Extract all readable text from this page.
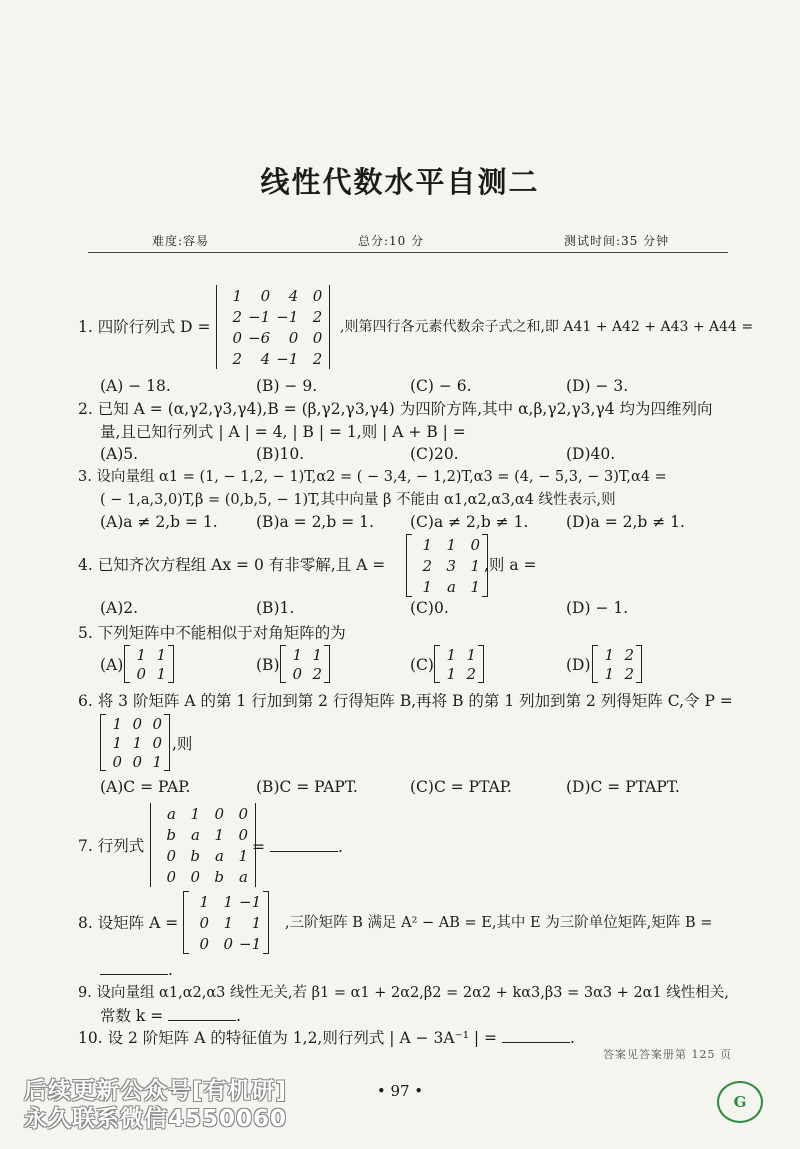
线性代数水平自测二
难度:容易	总分:10 分	测试时间:35 分钟
1. 四阶行列式 D =
1	0	4	0
2	−1	−1	2
0	−6	0	0
2	4	−1	2
,则第四行各元素代数余子式之和,即 A41 + A42 + A43 + A44 =
(A) − 18.	(B) − 9.	(C) − 6.	(D) − 3.
2. 已知 A = (α,γ2,γ3,γ4),B = (β,γ2,γ3,γ4) 为四阶方阵,其中 α,β,γ2,γ3,γ4 均为四维列向
量,且已知行列式 | A | = 4, | B | = 1,则 | A + B | =
(A)5.	(B)10.	(C)20.	(D)40.
3. 设向量组 α1 = (1, − 1,2, − 1)T,α2 = ( − 3,4, − 1,2)T,α3 = (4, − 5,3, − 3)T,α4 =
( − 1,a,3,0)T,β = (0,b,5, − 1)T,其中向量 β 不能由 α1,α2,α3,α4 线性表示,则
(A)a ≠ 2,b = 1. (B)a = 2,b = 1. (C)a ≠ 2,b ≠ 1. (D)a = 2,b ≠ 1.
4. 已知齐次方程组 Ax = 0 有非零解,且 A =
1	1	0
2	3	1
1	a	1
,则 a =
(A)2.	(B)1.	(C)0.	(D) − 1.
5. 下列矩阵中不能相似于对角矩阵的为
(A)
1	1
0	1	(B)
1	1
0	2	(C)
1	1
1	2	(D)
1	2
1	2
6. 将 3 阶矩阵 A 的第 1 行加到第 2 行得矩阵 B,再将 B 的第 1 列加到第 2 列得矩阵 C,令 P =
1	0	0
1	1	0
0	0	1
,则
(A)C = PAP.	(B)C = PAPT.	(C)C = PTAP.	(D)C = PTAPT.
7. 行列式
a	1	0	0
b	a	1	0
0	b	a	1
0	0	b	a
=	.
8. 设矩阵 A =
1	1	−1
0	1	1
0	0	−1
,三阶矩阵 B 满足 A² − AB = E,其中 E 为三阶单位矩阵,矩阵 B =
.
9. 设向量组 α1,α2,α3 线性无关,若 β1 = α1 + 2α2,β2 = 2α2 + kα3,β3 = 3α3 + 2α1 线性相关,
常数 k =	.
10. 设 2 阶矩阵 A 的特征值为 1,2,则行列式 | A − 3A⁻¹ | =	.
答案见答案册第 125 页
• 97 •
后续更新公众号[有机研]
永久联系微信4550060
G
